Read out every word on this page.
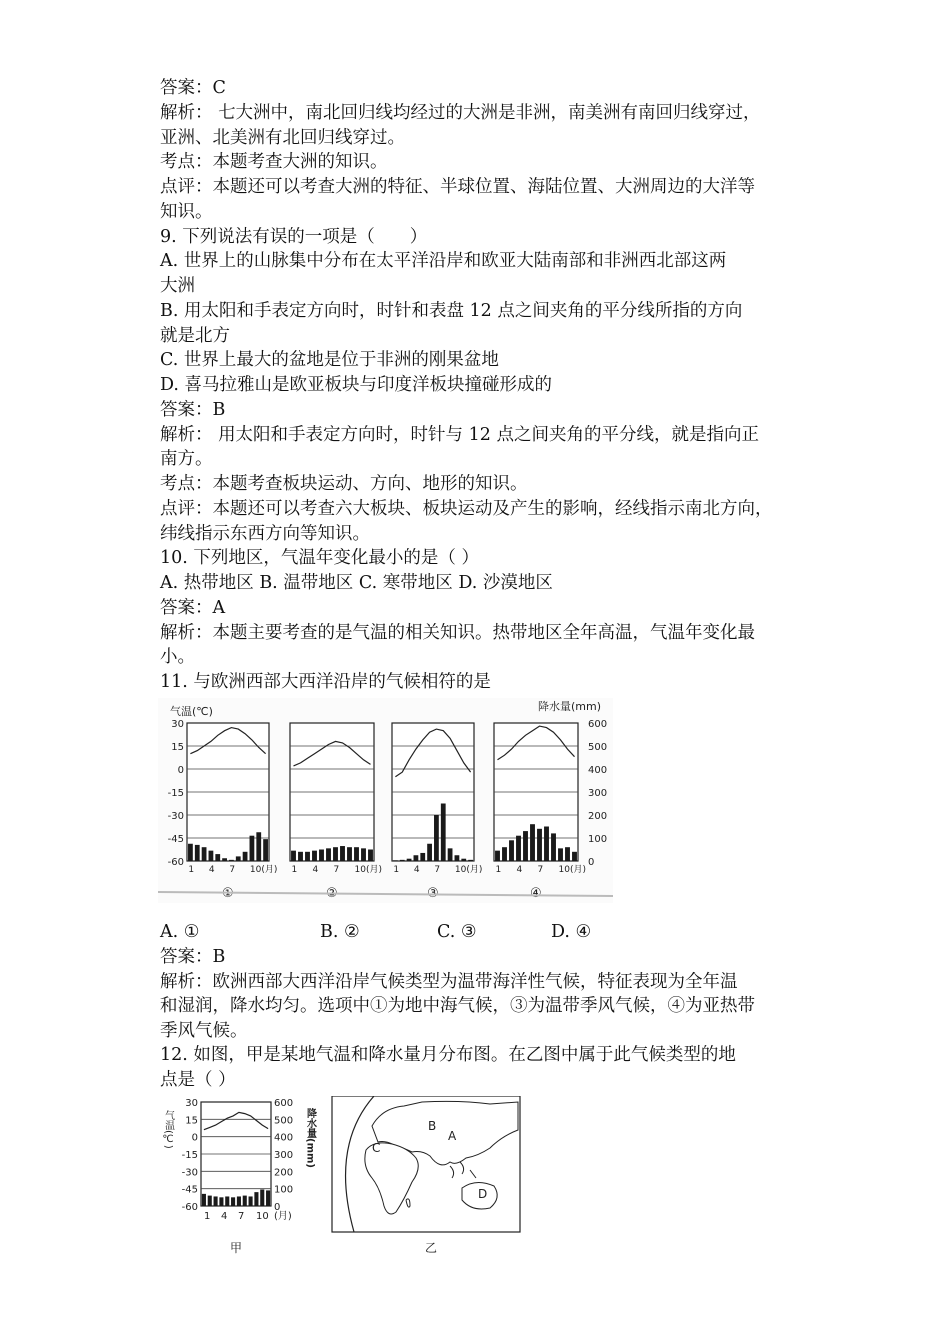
答案：C
解析： 七大洲中，南北回归线均经过的大洲是非洲，南美洲有南回归线穿过，
亚洲、北美洲有北回归线穿过。
考点：本题考查大洲的知识。
点评：本题还可以考查大洲的特征、半球位置、海陆位置、大洲周边的大洋等
知识。
9. 下列说法有误的一项是（　　）
A. 世界上的山脉集中分布在太平洋沿岸和欧亚大陆南部和非洲西北部这两
大洲
B. 用太阳和手表定方向时，时针和表盘 12 点之间夹角的平分线所指的方向
就是北方
C. 世界上最大的盆地是位于非洲的刚果盆地
D. 喜马拉雅山是欧亚板块与印度洋板块撞碰形成的
答案：B
解析： 用太阳和手表定方向时，时针与 12 点之间夹角的平分线，就是指向正
南方。
考点：本题考查板块运动、方向、地形的知识。
点评：本题还可以考查六大板块、板块运动及产生的影响，经线指示南北方向，
纬线指示东西方向等知识。
10. 下列地区，气温年变化最小的是（ ）
A. 热带地区 B. 温带地区 C. 寒带地区 D. 沙漠地区
答案：A
解析：本题主要考查的是气温的相关知识。热带地区全年高温，气温年变化最
小。
11. 与欧洲西部大西洋沿岸的气候相符的是
气温(℃)	降水量(mm)
30
15
0
-15
-30
-45
-60
600
500
400
300
200
100
0
1 4 7 10(月) 1 4 7 10(月) 1 4 7 10(月) 1 4 7 10(月)
④
A. ①	B. ②	C. ③	D. ④
答案：B
解析：欧洲西部大西洋沿岸气候类型为温带海洋性气候，特征表现为全年温
和湿润，降水均匀。选项中①为地中海气候，③为温带季风气候，④为亚热带
季风气候。
12. 如图，甲是某地气温和降水量月分布图。在乙图中属于此气候类型的地
点是（ ）
气温(℃)	降水量(mm)
30
15
0
-15
-30
-45
-60
600
500
400
300
200
100
0
1 4 7 10 (月)
甲
A
B
C
D
乙
